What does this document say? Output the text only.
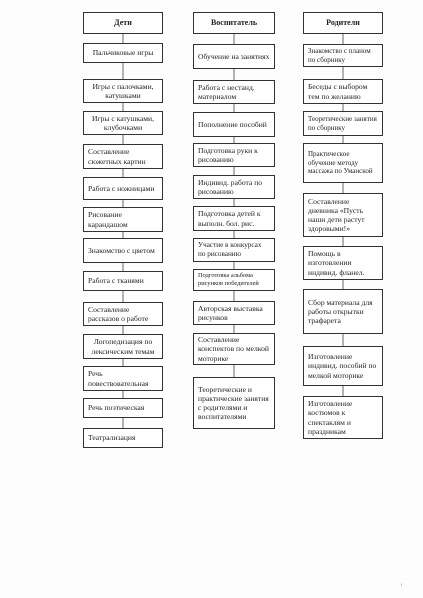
Дети
Пальчиковые игры
Игры с палочками, катушками
Игры с катушками, клубочками
Составление сюжетных картин
Работа с ножницами
Рисование карандашом
Знакомство с цветом
Работа с тканями
Составление рассказов о работе
Логопедизация по лексическим темам
Речь повествовательная
Речь поэтическая
Театрализация
Воспитатель
Обучение на занятиях
Работа с нестанд. материалом
Пополнение пособий
Подготовка руки к рисованию
Индивид. работа по рисованию
Подготовка детей к выполн. бол. рис.
Участие в конкурсах по рисованию
Подготовка альбома рисунков победителей
Авторская выставка рисунков
Составление конспектов по мелкой моторике
Теоретические и практические занятия с родителями и воспитателями
Родители
Знакомство с планом по сборнику
Беседы с выбором тем по желанию
Теоретические занятия по сборнику
Практическое обучение методу массажа по Уманской
Составление дневника «Пусть наши дети растут здоровыми!»
Помощь в изготовлении индивид. фланел.
Сбор материала для работы открытки трафарета
Изготовление индивид. пособий по мелкой моторике
Изготовление костюмов к спектаклям и праздникам
ı
